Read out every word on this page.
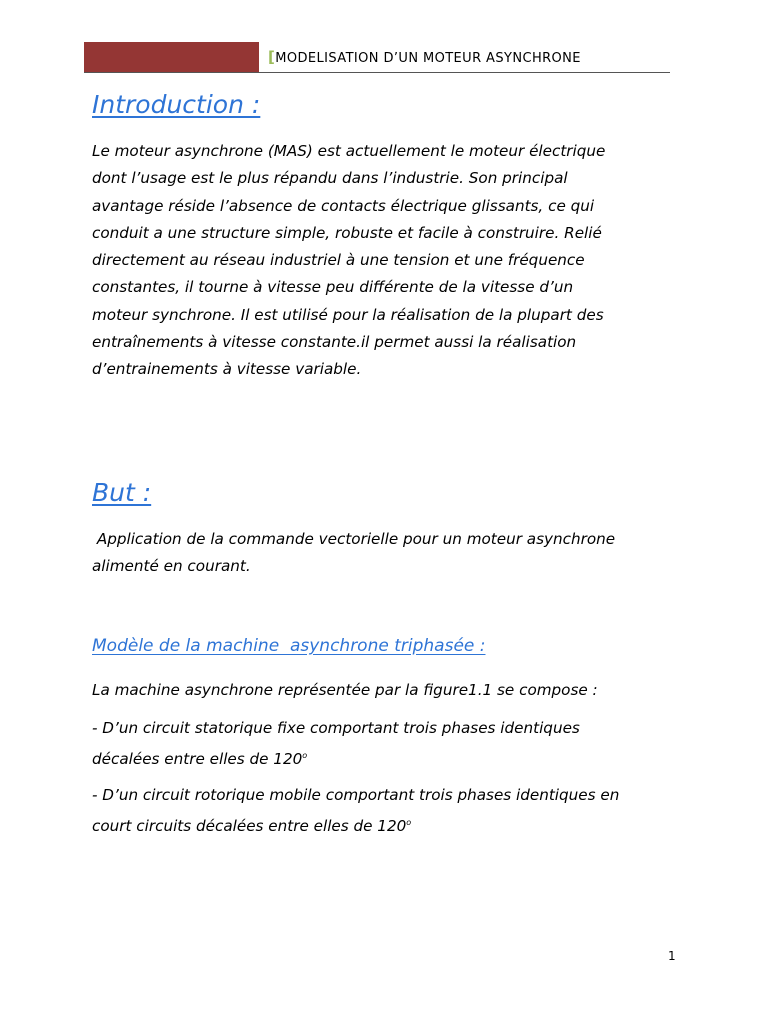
[MODELISATION D’UN MOTEUR ASYNCHRONE
Introduction :

Le moteur asynchrone (MAS) est actuellement le moteur électrique
dont l’usage est le plus répandu dans l’industrie. Son principal
avantage réside l’absence de contacts électrique glissants, ce qui
conduit a une structure simple, robuste et facile à construire. Relié
directement au réseau industriel à une tension et une fréquence
constantes, il tourne à vitesse peu différente de la vitesse d’un
moteur synchrone. Il est utilisé pour la réalisation de la plupart des
entraînements à vitesse constante.il permet aussi la réalisation
d’entrainements à vitesse variable.

But :

Application de la commande vectorielle pour un moteur asynchrone
alimenté en courant.

Modèle de la machine  asynchrone triphasée :

La machine asynchrone représentée par la figure1.1 se compose :

- D’un circuit statorique fixe comportant trois phases identiques
décalées entre elles de 120$^o$

- D’un circuit rotorique mobile comportant trois phases identiques en
court circuits décalées entre elles de 120$^o$

1
